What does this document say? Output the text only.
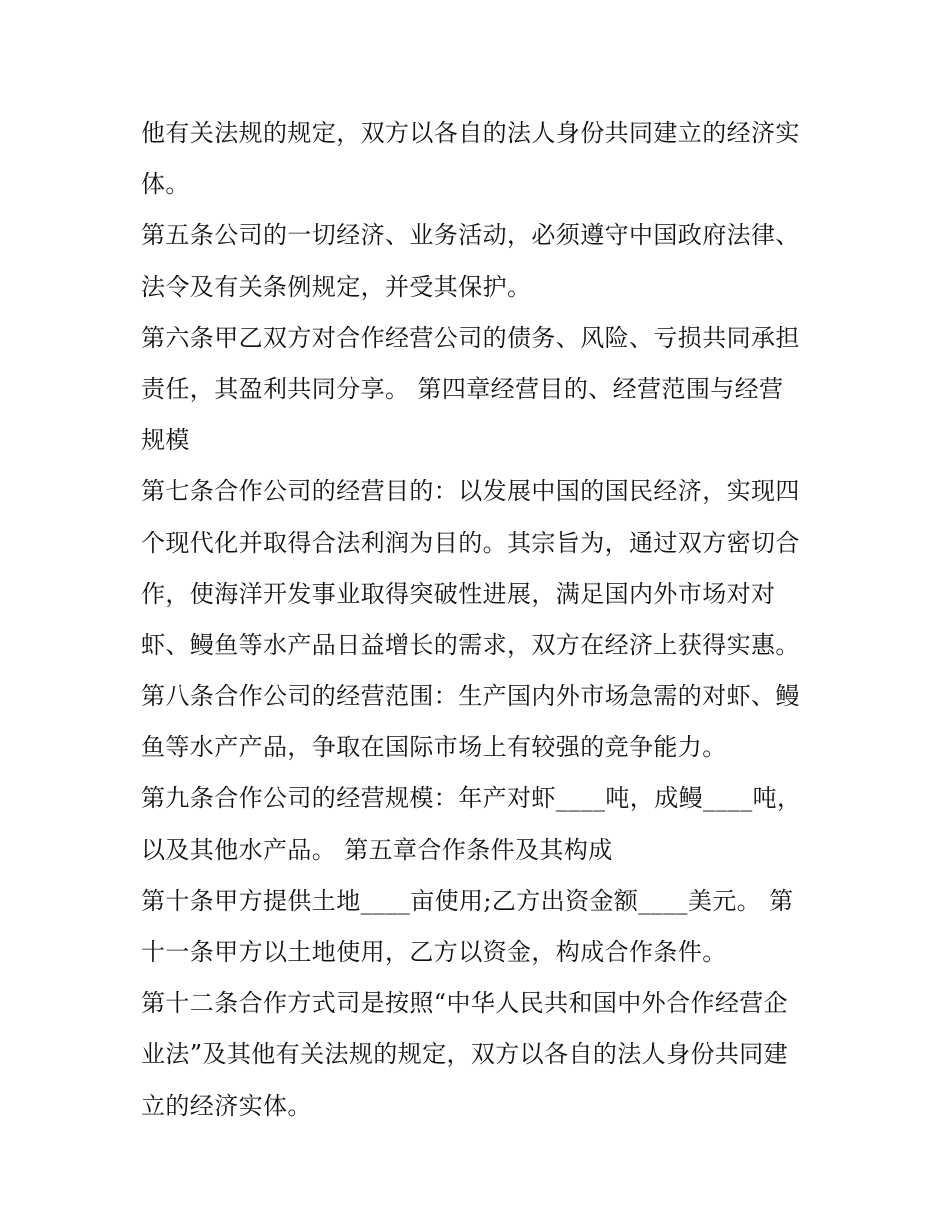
他有关法规的规定，双方以各自的法人身份共同建立的经济实
体。
第五条公司的一切经济、业务活动，必须遵守中国政府法律、
法令及有关条例规定，并受其保护。
第六条甲乙双方对合作经营公司的债务、风险、亏损共同承担
责任，其盈利共同分享。 第四章经营目的、经营范围与经营
规模
第七条合作公司的经营目的：以发展中国的国民经济，实现四
个现代化并取得合法利润为目的。其宗旨为，通过双方密切合
作，使海洋开发事业取得突破性进展，满足国内外市场对对
虾、鳗鱼等水产品日益增长的需求，双方在经济上获得实惠。
第八条合作公司的经营范围：生产国内外市场急需的对虾、鳗
鱼等水产产品，争取在国际市场上有较强的竞争能力。
第九条合作公司的经营规模：年产对虾____吨，成鳗____吨，
以及其他水产品。 第五章合作条件及其构成
第十条甲方提供土地____亩使用;乙方出资金额____美元。 第
十一条甲方以土地使用，乙方以资金，构成合作条件。
第十二条合作方式司是按照“中华人民共和国中外合作经营企
业法”及其他有关法规的规定，双方以各自的法人身份共同建
立的经济实体。
